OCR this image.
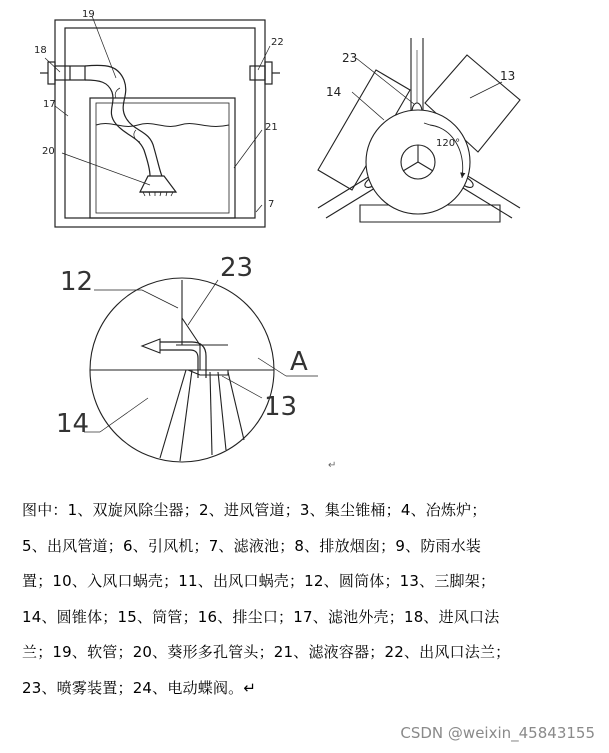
18
19
17
20
22
21
7
23
14
13
120°
12	23
A
13
14
↵
图中：1、双旋风除尘器；2、进风管道；3、集尘锥桶；4、冶炼炉；
5、出风管道；6、引风机；7、滤液池；8、排放烟囱；9、防雨水装
置；10、入风口蜗壳；11、出风口蜗壳；12、圆筒体；13、三脚架；
14、圆锥体；15、筒管；16、排尘口；17、滤池外壳；18、进风口法
兰；19、软管；20、葵形多孔管头；21、滤液容器；22、出风口法兰；
23、喷雾装置；24、电动蝶阀。↵
CSDN @weixin_45843155
